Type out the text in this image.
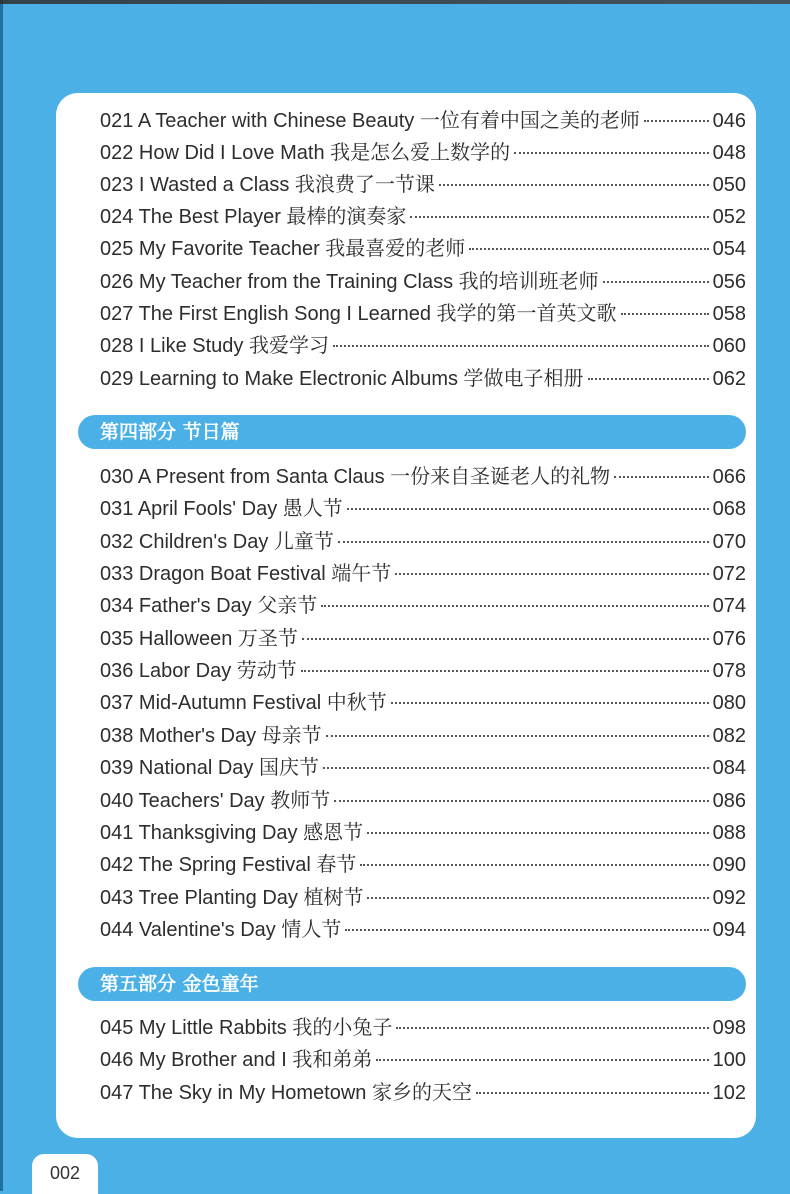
021 A Teacher with Chinese Beauty 一位有着中国之美的老师	046
022 How Did I Love Math 我是怎么爱上数学的	048
023 I Wasted a Class 我浪费了一节课	050
024 The Best Player 最棒的演奏家	052
025 My Favorite Teacher 我最喜爱的老师	054
026 My Teacher from the Training Class 我的培训班老师	056
027 The First English Song I Learned 我学的第一首英文歌	058
028 I Like Study 我爱学习	060
029 Learning to Make Electronic Albums 学做电子相册	062
第四部分 节日篇
030 A Present from Santa Claus 一份来自圣诞老人的礼物	066
031 April Fools' Day 愚人节	068
032 Children's Day 儿童节	070
033 Dragon Boat Festival 端午节	072
034 Father's Day 父亲节	074
035 Halloween 万圣节	076
036 Labor Day 劳动节	078
037 Mid-Autumn Festival 中秋节	080
038 Mother's Day 母亲节	082
039 National Day 国庆节	084
040 Teachers' Day 教师节	086
041 Thanksgiving Day 感恩节	088
042 The Spring Festival 春节	090
043 Tree Planting Day 植树节	092
044 Valentine's Day 情人节	094
第五部分 金色童年
045 My Little Rabbits 我的小兔子	098
046 My Brother and I 我和弟弟	100
047 The Sky in My Hometown 家乡的天空	102
002
